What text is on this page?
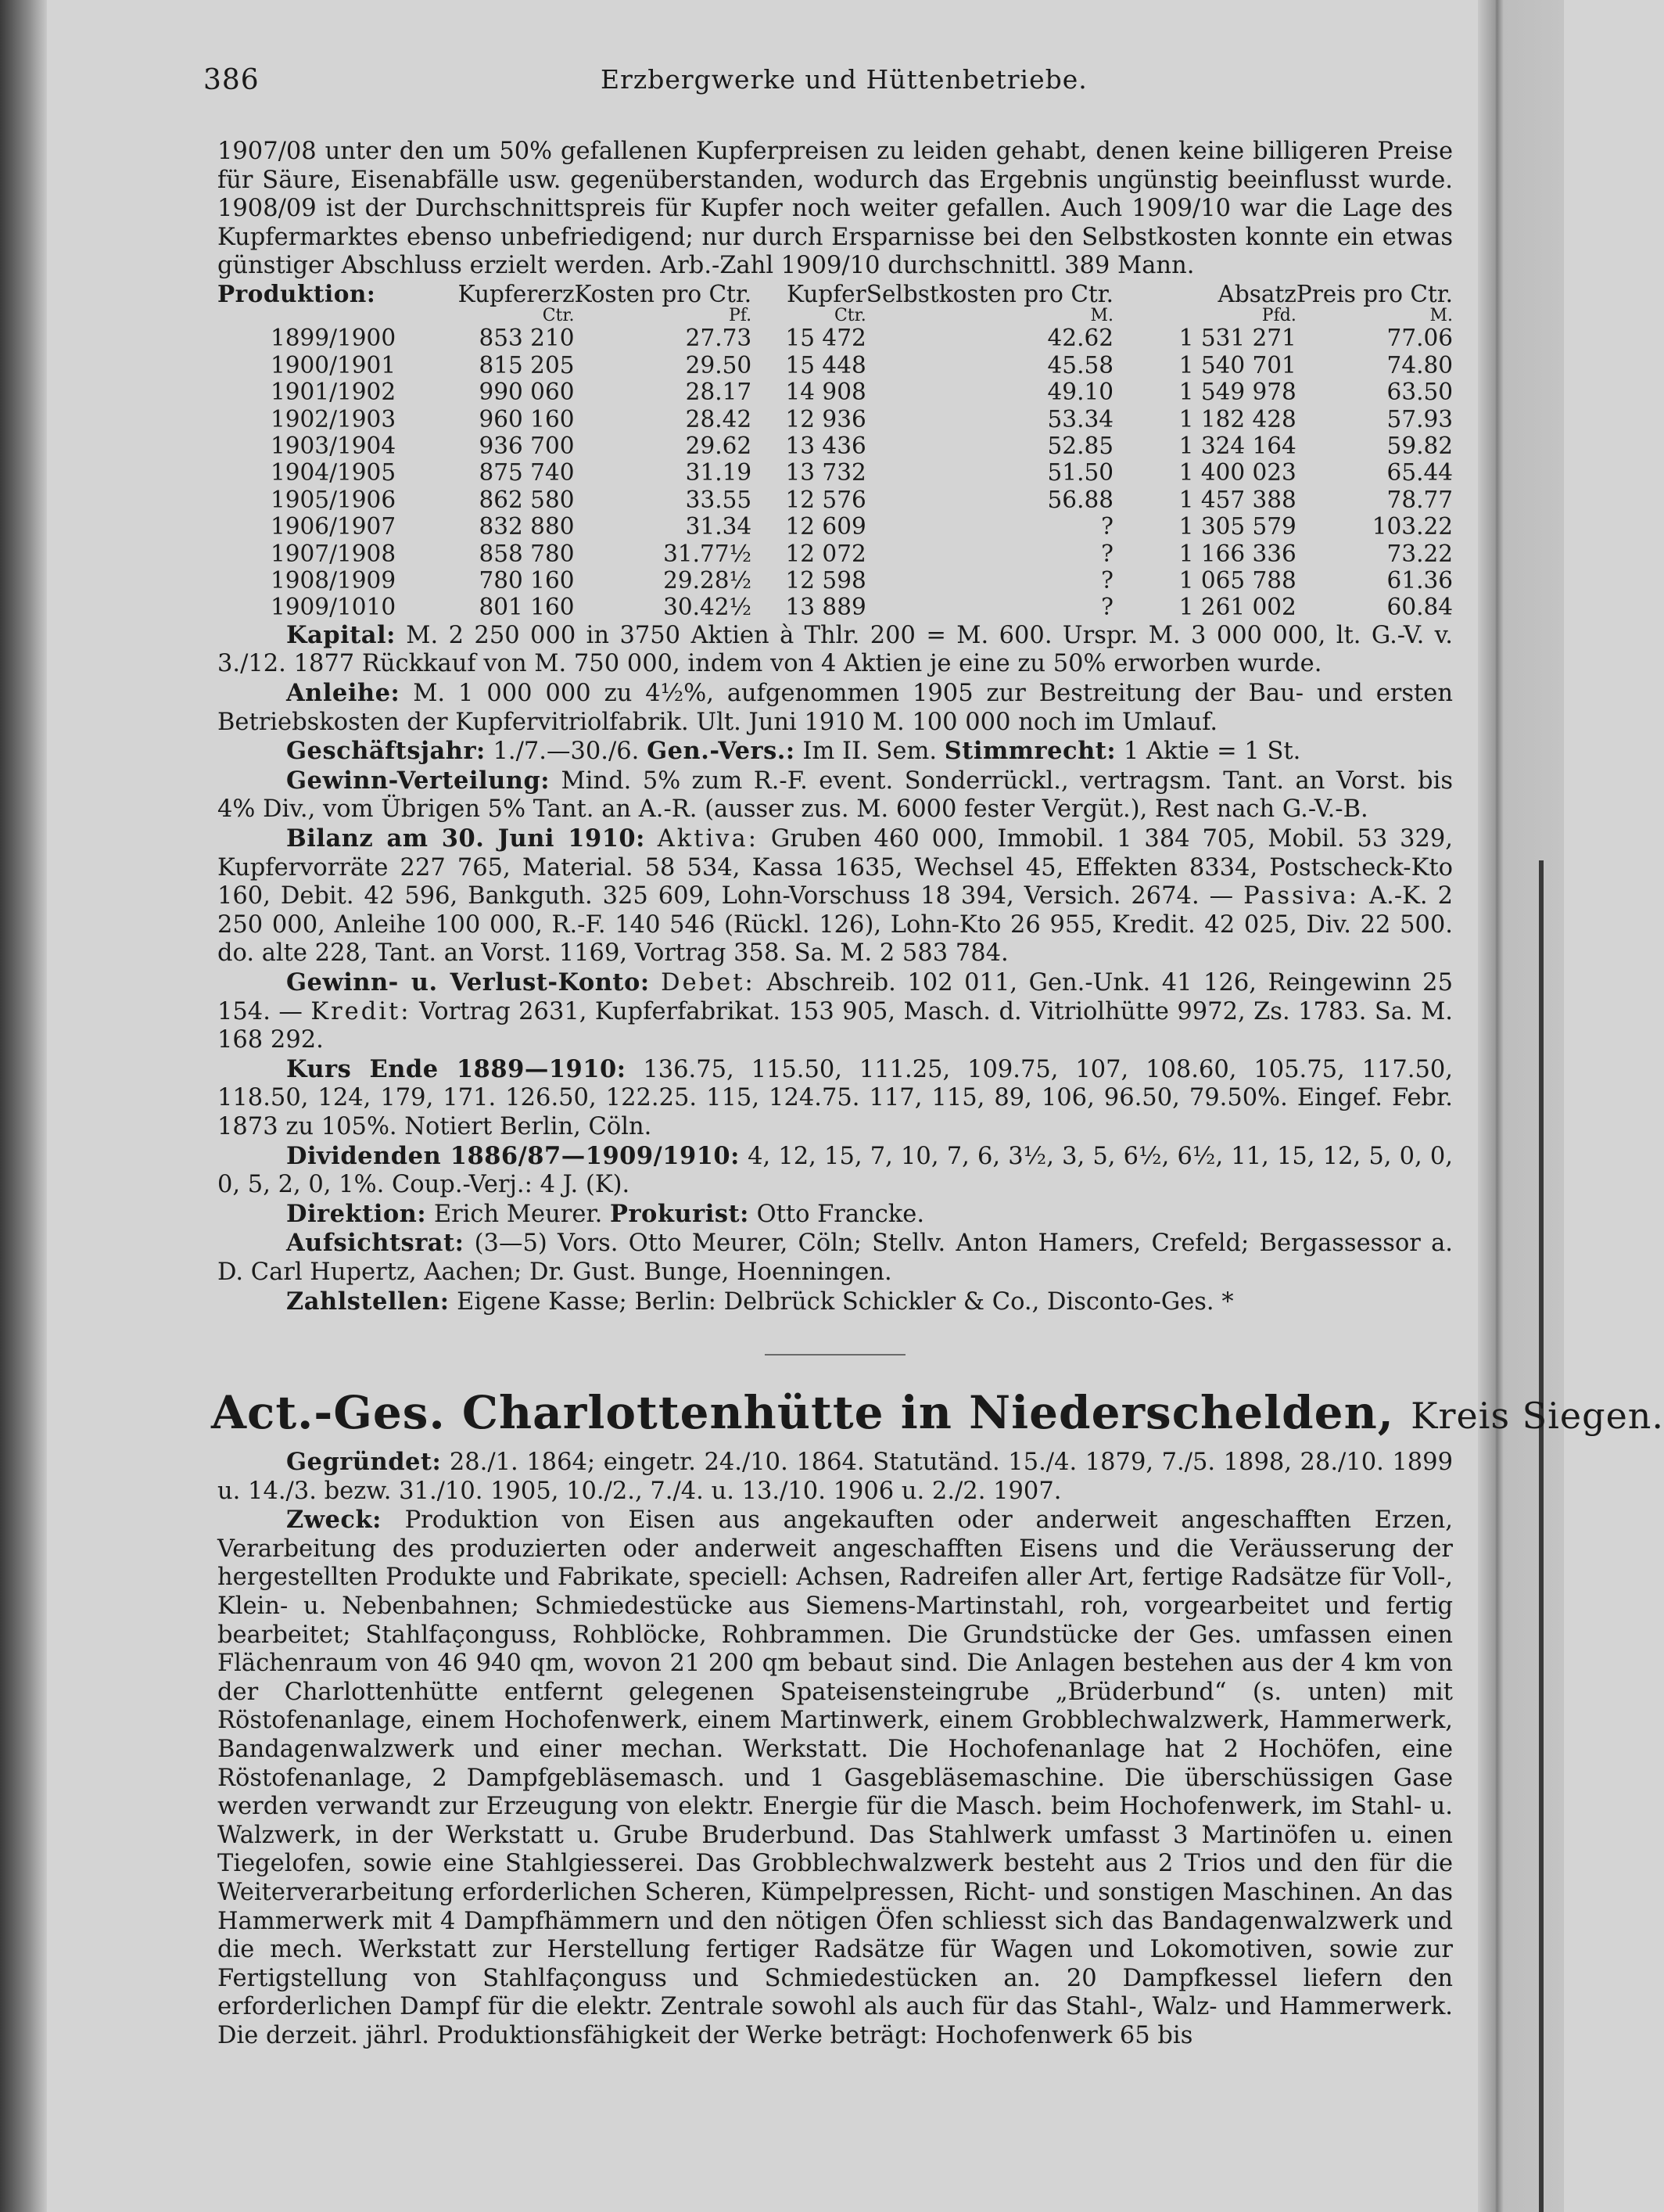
386	Erzbergwerke und Hüttenbetriebe.

1907/08 unter den um 50% gefallenen Kupferpreisen zu leiden gehabt, denen keine billigeren Preise für Säure, Eisenabfälle usw. gegenüberstanden, wodurch das Ergebnis ungünstig beeinflusst wurde. 1908/09 ist der Durchschnittspreis für Kupfer noch weiter gefallen. Auch 1909/10 war die Lage des Kupfermarktes ebenso unbefriedigend; nur durch Ersparnisse bei den Selbstkosten konnte ein etwas günstiger Abschluss erzielt werden. Arb.-Zahl 1909/10 durchschnittl. 389 Mann.

Produktion:	Kupfererz	Kosten pro Ctr.	Kupfer	Selbstkosten pro Ctr.	Absatz	Preis pro Ctr.
	Ctr.	Pf.	Ctr.	M.	Pfd.	M.
1899/1900	853 210	27.73	15 472	42.62	1 531 271	77.06
1900/1901	815 205	29.50	15 448	45.58	1 540 701	74.80
1901/1902	990 060	28.17	14 908	49.10	1 549 978	63.50
1902/1903	960 160	28.42	12 936	53.34	1 182 428	57.93
1903/1904	936 700	29.62	13 436	52.85	1 324 164	59.82
1904/1905	875 740	31.19	13 732	51.50	1 400 023	65.44
1905/1906	862 580	33.55	12 576	56.88	1 457 388	78.77
1906/1907	832 880	31.34	12 609	?	1 305 579	103.22
1907/1908	858 780	31.77½	12 072	?	1 166 336	73.22
1908/1909	780 160	29.28½	12 598	?	1 065 788	61.36
1909/1010	801 160	30.42½	13 889	?	1 261 002	60.84

Kapital: M. 2 250 000 in 3750 Aktien à Thlr. 200 = M. 600. Urspr. M. 3 000 000, lt. G.-V. v. 3./12. 1877 Rückkauf von M. 750 000, indem von 4 Aktien je eine zu 50% erworben wurde.

Anleihe: M. 1 000 000 zu 4½%, aufgenommen 1905 zur Bestreitung der Bau- und ersten Betriebskosten der Kupfervitriolfabrik. Ult. Juni 1910 M. 100 000 noch im Umlauf.

Geschäftsjahr: 1./7.—30./6. Gen.-Vers.: Im II. Sem. Stimmrecht: 1 Aktie = 1 St.

Gewinn-Verteilung: Mind. 5% zum R.-F. event. Sonderrückl., vertragsm. Tant. an Vorst. bis 4% Div., vom Übrigen 5% Tant. an A.-R. (ausser zus. M. 6000 fester Vergüt.), Rest nach G.-V.-B.

Bilanz am 30. Juni 1910: Aktiva: Gruben 460 000, Immobil. 1 384 705, Mobil. 53 329, Kupfervorräte 227 765, Material. 58 534, Kassa 1635, Wechsel 45, Effekten 8334, Postscheck-Kto 160, Debit. 42 596, Bankguth. 325 609, Lohn-Vorschuss 18 394, Versich. 2674. — Passiva: A.-K. 2 250 000, Anleihe 100 000, R.-F. 140 546 (Rückl. 126), Lohn-Kto 26 955, Kredit. 42 025, Div. 22 500. do. alte 228, Tant. an Vorst. 1169, Vortrag 358. Sa. M. 2 583 784.

Gewinn- u. Verlust-Konto: Debet: Abschreib. 102 011, Gen.-Unk. 41 126, Reingewinn 25 154. — Kredit: Vortrag 2631, Kupferfabrikat. 153 905, Masch. d. Vitriolhütte 9972, Zs. 1783. Sa. M. 168 292.

Kurs Ende 1889—1910: 136.75, 115.50, 111.25, 109.75, 107, 108.60, 105.75, 117.50, 118.50, 124, 179, 171. 126.50, 122.25. 115, 124.75. 117, 115, 89, 106, 96.50, 79.50%. Eingef. Febr. 1873 zu 105%. Notiert Berlin, Cöln.

Dividenden 1886/87—1909/1910: 4, 12, 15, 7, 10, 7, 6, 3½, 3, 5, 6½, 6½, 11, 15, 12, 5, 0, 0, 0, 5, 2, 0, 1%. Coup.-Verj.: 4 J. (K).

Direktion: Erich Meurer. Prokurist: Otto Francke.

Aufsichtsrat: (3—5) Vors. Otto Meurer, Cöln; Stellv. Anton Hamers, Crefeld; Bergassessor a. D. Carl Hupertz, Aachen; Dr. Gust. Bunge, Hoenningen.

Zahlstellen: Eigene Kasse; Berlin: Delbrück Schickler & Co., Disconto-Ges. *

Act.-Ges. Charlottenhütte in Niederschelden, Kreis Siegen.

Gegründet: 28./1. 1864; eingetr. 24./10. 1864. Statutänd. 15./4. 1879, 7./5. 1898, 28./10. 1899 u. 14./3. bezw. 31./10. 1905, 10./2., 7./4. u. 13./10. 1906 u. 2./2. 1907.

Zweck: Produktion von Eisen aus angekauften oder anderweit angeschafften Erzen, Verarbeitung des produzierten oder anderweit angeschafften Eisens und die Veräusserung der hergestellten Produkte und Fabrikate, speciell: Achsen, Radreifen aller Art, fertige Radsätze für Voll-, Klein- u. Nebenbahnen; Schmiedestücke aus Siemens-Martinstahl, roh, vorgearbeitet und fertig bearbeitet; Stahlfaçonguss, Rohblöcke, Rohbrammen. Die Grundstücke der Ges. umfassen einen Flächenraum von 46 940 qm, wovon 21 200 qm bebaut sind. Die Anlagen bestehen aus der 4 km von der Charlottenhütte entfernt gelegenen Spateisensteingrube „Brüderbund“ (s. unten) mit Röstofenanlage, einem Hochofenwerk, einem Martinwerk, einem Grobblechwalzwerk, Hammerwerk, Bandagenwalzwerk und einer mechan. Werkstatt. Die Hochofenanlage hat 2 Hochöfen, eine Röstofenanlage, 2 Dampfgebläsemasch. und 1 Gasgebläsemaschine. Die überschüssigen Gase werden verwandt zur Erzeugung von elektr. Energie für die Masch. beim Hochofenwerk, im Stahl- u. Walzwerk, in der Werkstatt u. Grube Bruderbund. Das Stahlwerk umfasst 3 Martinöfen u. einen Tiegelofen, sowie eine Stahlgiesserei. Das Grobblechwalzwerk besteht aus 2 Trios und den für die Weiterverarbeitung erforderlichen Scheren, Kümpelpressen, Richt- und sonstigen Maschinen. An das Hammerwerk mit 4 Dampfhämmern und den nötigen Öfen schliesst sich das Bandagenwalzwerk und die mech. Werkstatt zur Herstellung fertiger Radsätze für Wagen und Lokomotiven, sowie zur Fertigstellung von Stahlfaçonguss und Schmiedestücken an. 20 Dampfkessel liefern den erforderlichen Dampf für die elektr. Zentrale sowohl als auch für das Stahl-, Walz- und Hammerwerk. Die derzeit. jährl. Produktionsfähigkeit der Werke beträgt: Hochofenwerk 65 bis
